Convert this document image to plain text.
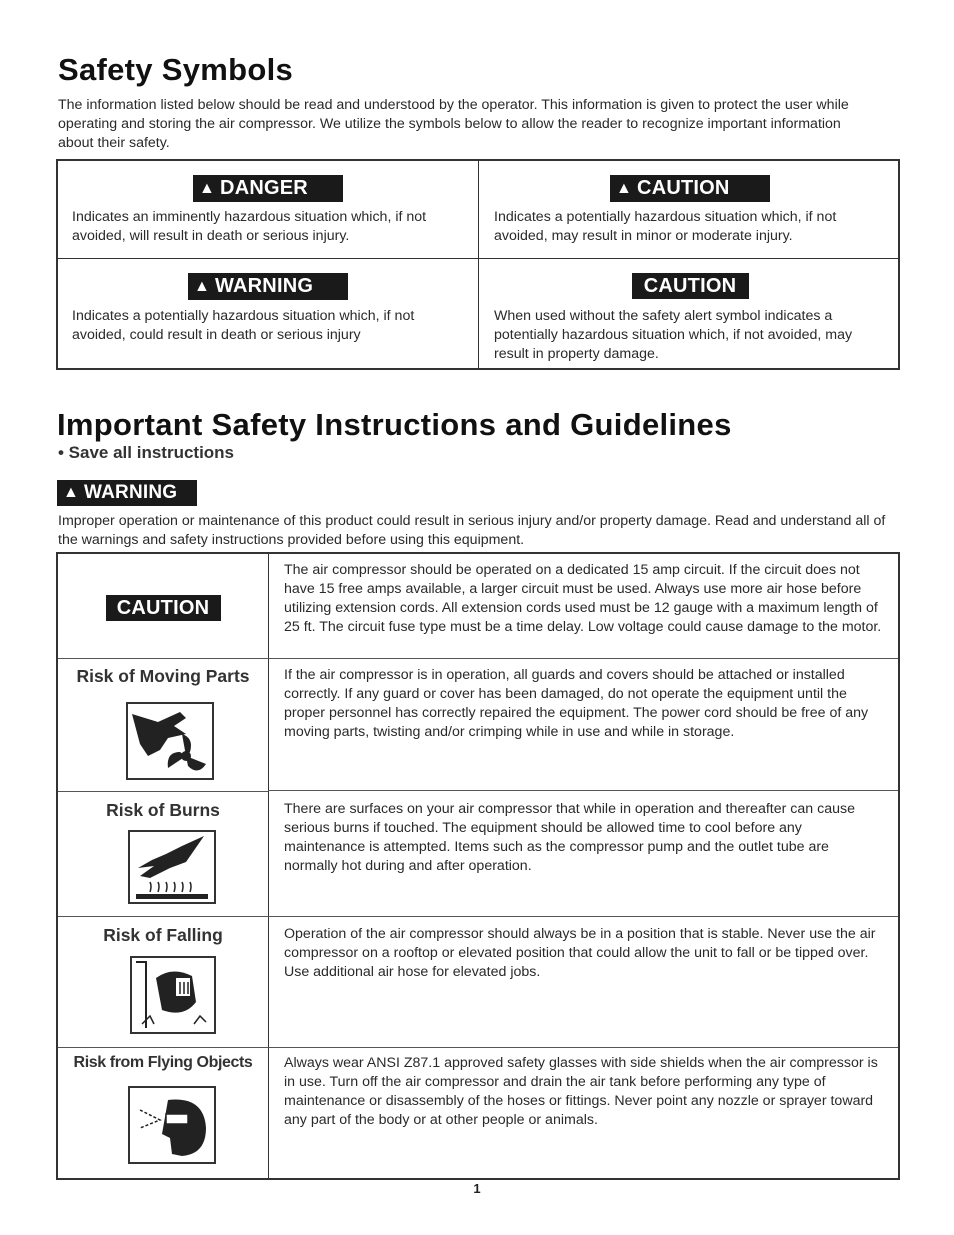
Safety Symbols
The information listed below should be read and understood by the operator. This information is given to protect the user while operating and storing the air compressor. We utilize the symbols below to allow the reader to recognize important information about their safety.
▲ DANGER
Indicates an imminently hazardous situation which, if not avoided, will result in death or serious injury.
▲ CAUTION
Indicates a potentially hazardous situation which, if not avoided, may result in minor or moderate injury.
▲ WARNING
Indicates a potentially hazardous situation which, if not avoided, could result in death or serious injury
CAUTION
When used without the safety alert symbol indicates a potentially hazardous situation which, if not avoided, may result in property damage.
Important Safety Instructions and Guidelines
• Save all instructions
▲ WARNING
Improper operation or maintenance of this product could result in serious injury and/or property damage. Read and understand all of the warnings and safety instructions provided before using this equipment.
CAUTION
The air compressor should be operated on a dedicated 15 amp circuit. If the circuit does not have 15 free amps available, a larger circuit must be used. Always use more air hose before utilizing extension cords. All extension cords used must be 12 gauge with a maximum length of 25 ft. The circuit fuse type must be a time delay. Low voltage could cause damage to the motor.
Risk of Moving Parts	If the air compressor is in operation, all guards and covers should be attached or installed correctly. If any guard or cover has been damaged, do not operate the equipment until the proper personnel has correctly repaired the equipment. The power cord should be free of any moving parts, twisting and/or crimping while in use and while in storage.
Risk of Burns	There are surfaces on your air compressor that while in operation and thereafter can cause serious burns if touched. The equipment should be allowed time to cool before any maintenance is attempted. Items such as the compressor pump and the outlet tube are normally hot during and after operation.
Risk of Falling	Operation of the air compressor should always be in a position that is stable. Never use the air compressor on a rooftop or elevated position that could allow the unit to fall or be tipped over. Use additional air hose for elevated jobs.
Risk from Flying Objects	Always wear ANSI Z87.1 approved safety glasses with side shields when the air compressor is in use. Turn off the air compressor and drain the air tank before performing any type of maintenance or disassembly of the hoses or fittings. Never point any nozzle or sprayer toward any part of the body or at other people or animals.
1
